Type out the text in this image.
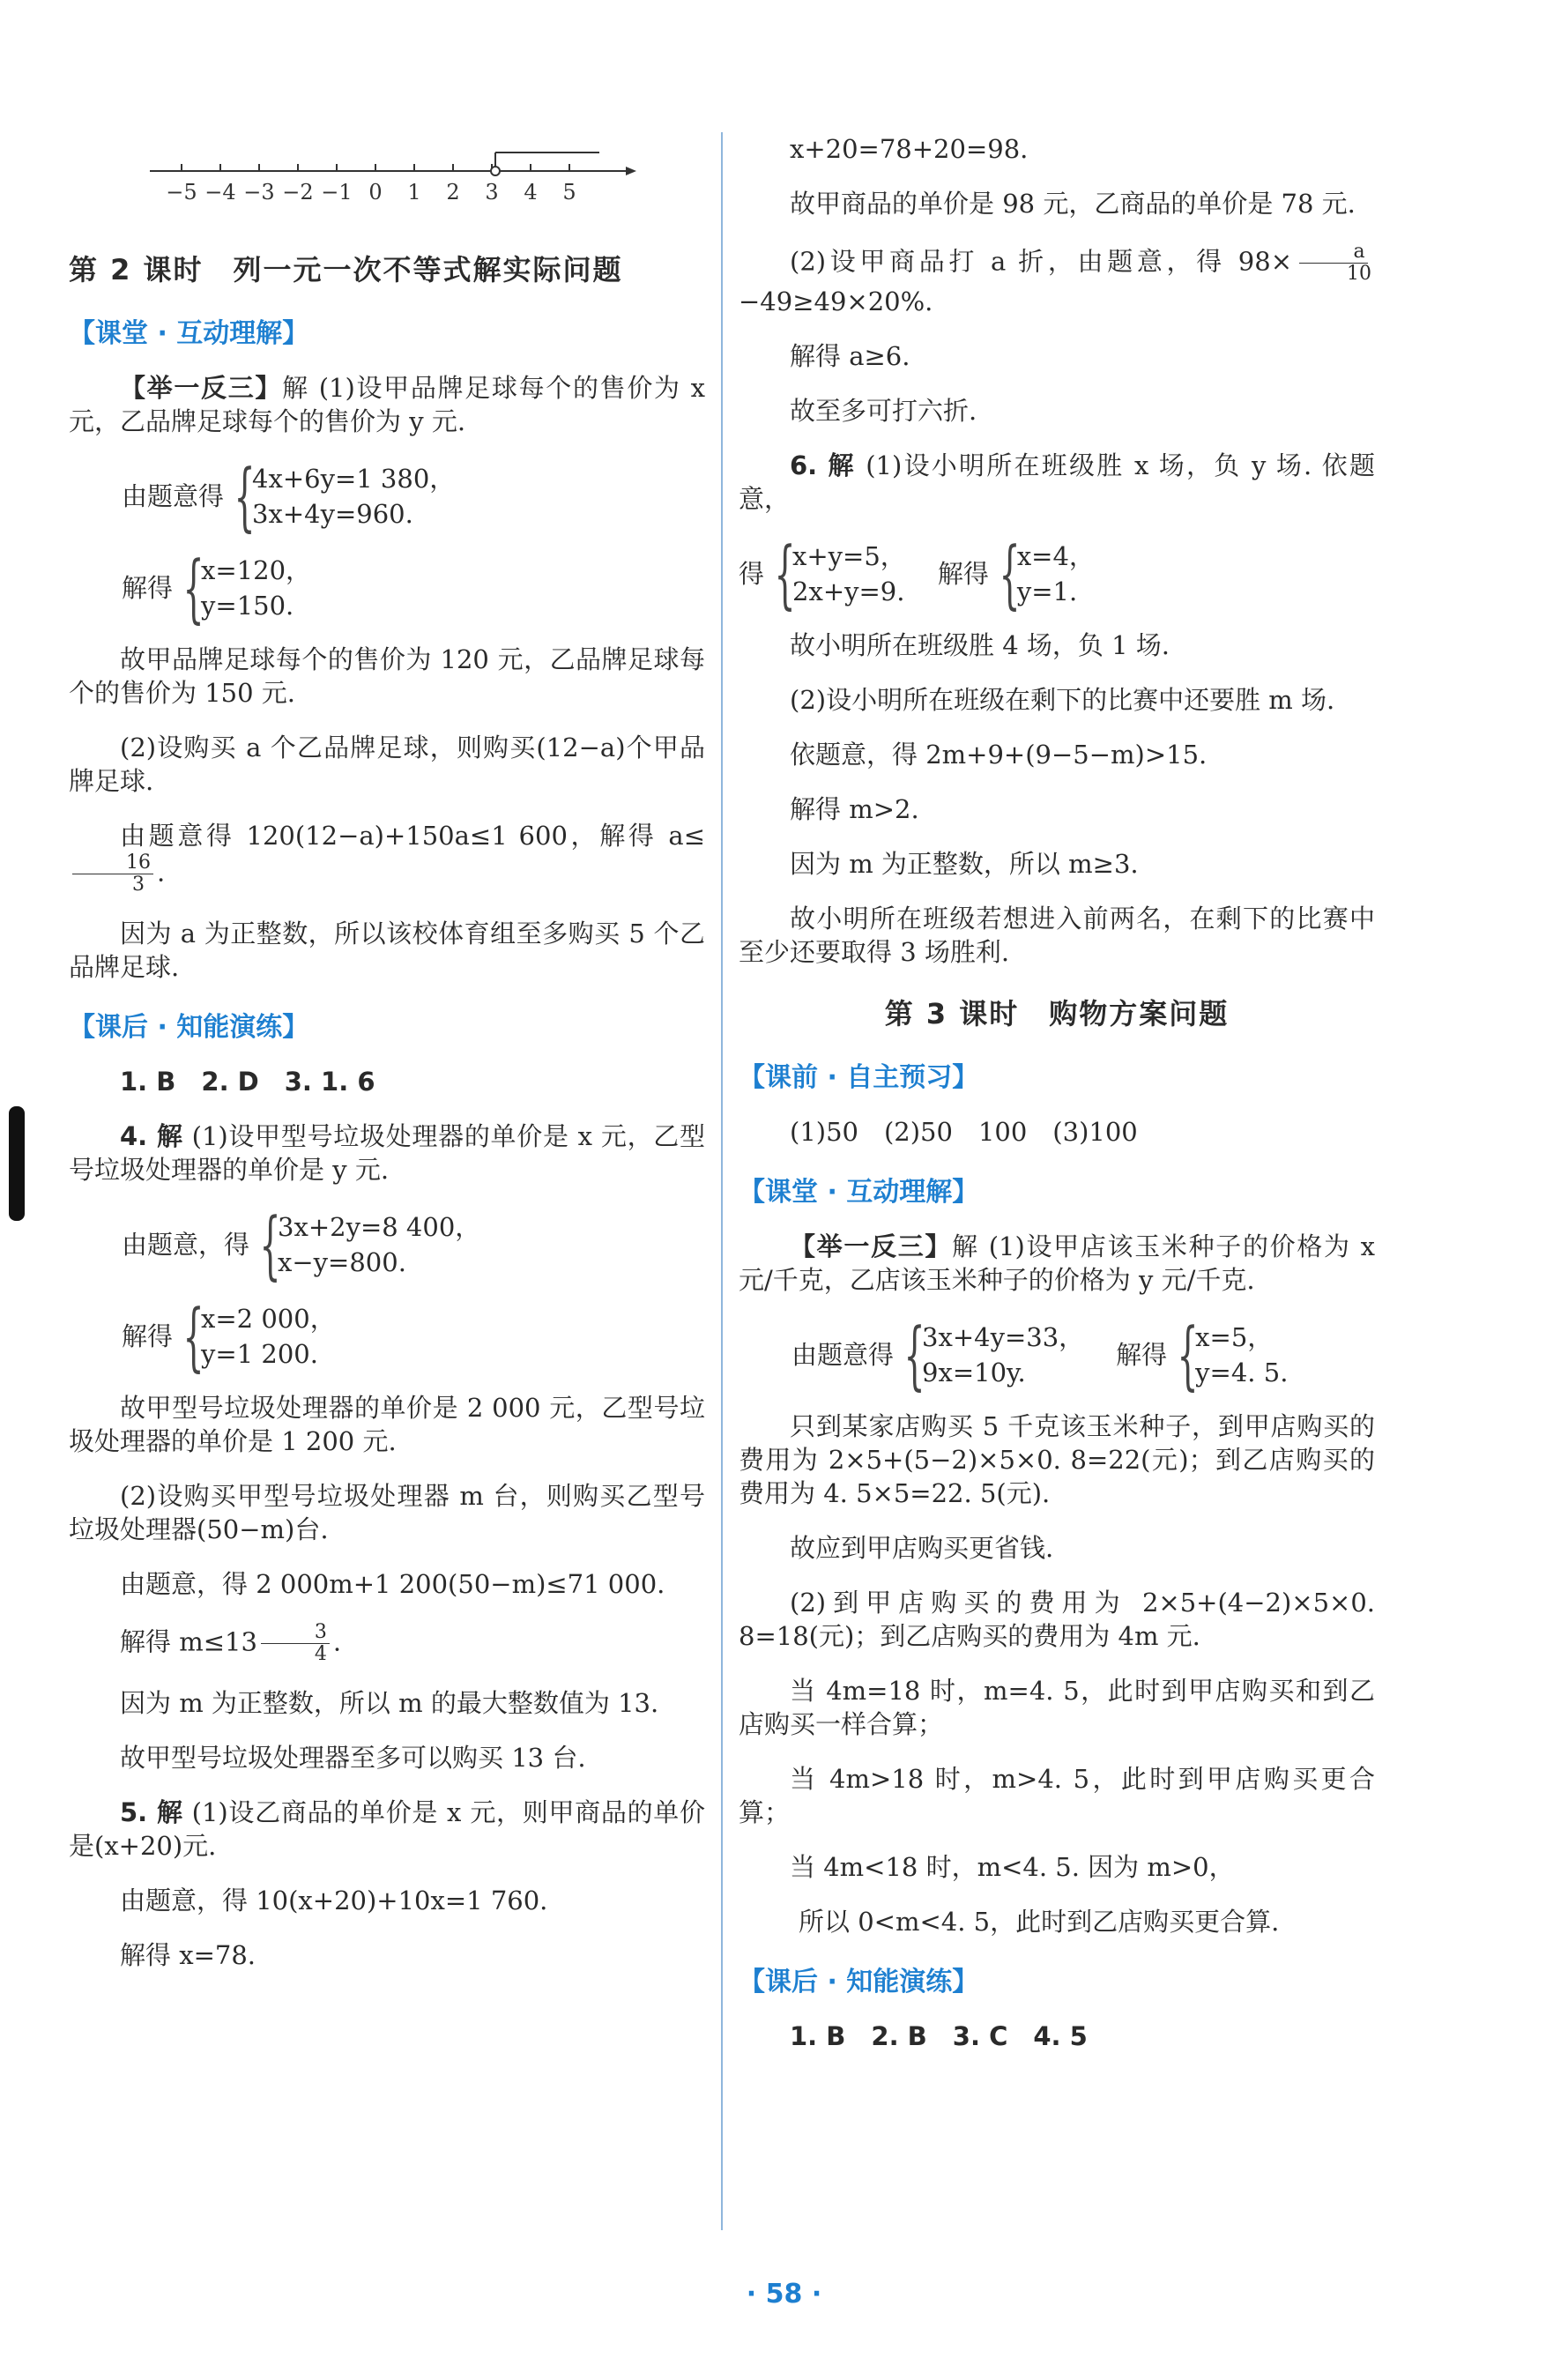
−5 −4 −3 −2 −1 0 1 2 3 4 5
第 2 课时　列一元一次不等式解实际问题
【课堂 · 互动理解】

【举一反三】解 (1)设甲品牌足球每个的售价为 x 元，乙品牌足球每个的售价为 y 元.

由题意得 {
4x+6y=1 380，
3x+4y=960.
解得 {
x=120，
y=150.

故甲品牌足球每个的售价为 120 元，乙品牌足球每个的售价为 150 元.

(2)设购买 a 个乙品牌足球，则购买(12−a)个甲品牌足球.

由题意得 120(12−a)+150a≤1 600，解得 a≤
$\frac{16}{3}$ .

因为 a 为正整数，所以该校体育组至多购买 5 个乙品牌足球.

【课后 · 知能演练】

1. B　2. D　3. 1. 6

4. 解 (1)设甲型号垃圾处理器的单价是 x 元，乙型号垃圾处理器的单价是 y 元.

由题意，得 {
3x+2y=8 400，
x−y=800.
解得 {
x=2 000，
y=1 200.

故甲型号垃圾处理器的单价是 2 000 元，乙型号垃圾处理器的单价是 1 200 元.

(2)设购买甲型号垃圾处理器 m 台，则购买乙型号垃圾处理器(50−m)台.

由题意，得 2 000m+1 200(50−m)≤71 000.

解得 $m\le 13 \frac{3}{4}$ .

因为 m 为正整数，所以 m 的最大整数值为 13.

故甲型号垃圾处理器至多可以购买 13 台.

5. 解 (1)设乙商品的单价是 x 元，则甲商品的单价是(x+20)元.

由题意，得 10(x+20)+10x=1 760.

解得 x=78.

x+20=78+20=98.

故甲商品的单价是 98 元，乙商品的单价是 78 元.

(2)设甲商品打 a 折，由题意，得 $98\times \frac{a}{10}$
−49≥49×20%.

解得 a≥6.

故至多可打六折.

6. 解 (1)设小明所在班级胜 x 场，负 y 场. 依题意，

得 {
x+y=5，
2x+y=9.
解得 {
x=4，
y=1.

故小明所在班级胜 4 场，负 1 场.

(2)设小明所在班级在剩下的比赛中还要胜 m 场.

依题意，得 2m+9+(9−5−m)>15.

解得 m>2.

因为 m 为正整数，所以 m≥3.

故小明所在班级若想进入前两名，在剩下的比赛中至少还要取得 3 场胜利.

第 3 课时　购物方案问题
【课前 · 自主预习】

(1)50　(2)50　100　(3)100

【课堂 · 互动理解】

【举一反三】解 (1)设甲店该玉米种子的价格为 x 元/千克，乙店该玉米种子的价格为 y 元/千克.

由题意得 {
3x+4y=33，
9x=10y.
解得 {
x=5，
y=4. 5.

只到某家店购买 5 千克该玉米种子，到甲店购买的费用为 2×5+(5−2)×5×0. 8=22(元)；到乙店购买的费用为 4. 5×5=22. 5(元).

故应到甲店购买更省钱.

(2)到甲店购买的费用为 2×5+(4−2)×5×0. 8=18(元)；到乙店购买的费用为 4m 元.

当 4m=18 时，m=4. 5，此时到甲店购买和到乙店购买一样合算；

当 4m>18 时，m>4. 5，此时到甲店购买更合算；

当 4m<18 时，m<4. 5. 因为 m>0，

所以 0<m<4. 5，此时到乙店购买更合算.

【课后 · 知能演练】

1. B　2. B　3. C　4. 5

· 58 ·
